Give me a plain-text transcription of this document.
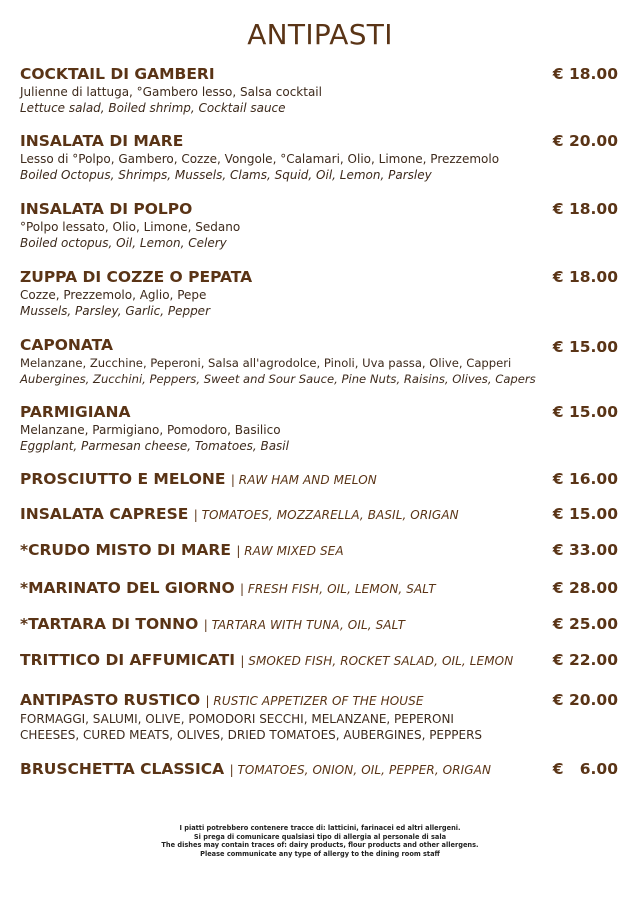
ANTIPASTI
COCKTAIL DI GAMBERI	€ 18.00
Julienne di lattuga, °Gambero lesso, Salsa cocktail
Lettuce salad, Boiled shrimp, Cocktail sauce
INSALATA DI MARE	€ 20.00
Lesso di °Polpo, Gambero, Cozze, Vongole, °Calamari, Olio, Limone, Prezzemolo
Boiled Octopus, Shrimps, Mussels, Clams, Squid, Oil, Lemon, Parsley
INSALATA DI POLPO	€ 18.00
°Polpo lessato, Olio, Limone, Sedano
Boiled octopus, Oil, Lemon, Celery
ZUPPA DI COZZE O PEPATA	€ 18.00
Cozze, Prezzemolo, Aglio, Pepe
Mussels, Parsley, Garlic, Pepper
CAPONATA	€ 15.00
Melanzane, Zucchine, Peperoni, Salsa all'agrodolce, Pinoli, Uva passa, Olive, Capperi
Aubergines, Zucchini, Peppers, Sweet and Sour Sauce, Pine Nuts, Raisins, Olives, Capers
PARMIGIANA	€ 15.00
Melanzane, Parmigiano, Pomodoro, Basilico
Eggplant, Parmesan cheese, Tomatoes, Basil
PROSCIUTTO E MELONE | RAW HAM AND MELON	€ 16.00
INSALATA CAPRESE | TOMATOES, MOZZARELLA, BASIL, ORIGAN	€ 15.00
*CRUDO MISTO DI MARE | RAW MIXED SEA	€ 33.00
*MARINATO DEL GIORNO | FRESH FISH, OIL, LEMON, SALT	€ 28.00
*TARTARA DI TONNO | TARTARA WITH TUNA, OIL, SALT	€ 25.00
TRITTICO DI AFFUMICATI | SMOKED FISH, ROCKET SALAD, OIL, LEMON	€ 22.00
ANTIPASTO RUSTICO | RUSTIC APPETIZER OF THE HOUSE	€ 20.00
FORMAGGI, SALUMI, OLIVE, POMODORI SECCHI, MELANZANE, PEPERONI
CHEESES, CURED MEATS, OLIVES, DRIED TOMATOES, AUBERGINES, PEPPERS
BRUSCHETTA CLASSICA | TOMATOES, ONION, OIL, PEPPER, ORIGAN	€   6.00
I piatti potrebbero contenere tracce di: latticini, farinacei ed altri allergeni.
Si prega di comunicare qualsiasi tipo di allergia al personale di sala
The dishes may contain traces of: dairy products, flour products and other allergens.
Please communicate any type of allergy to the dining room staff
